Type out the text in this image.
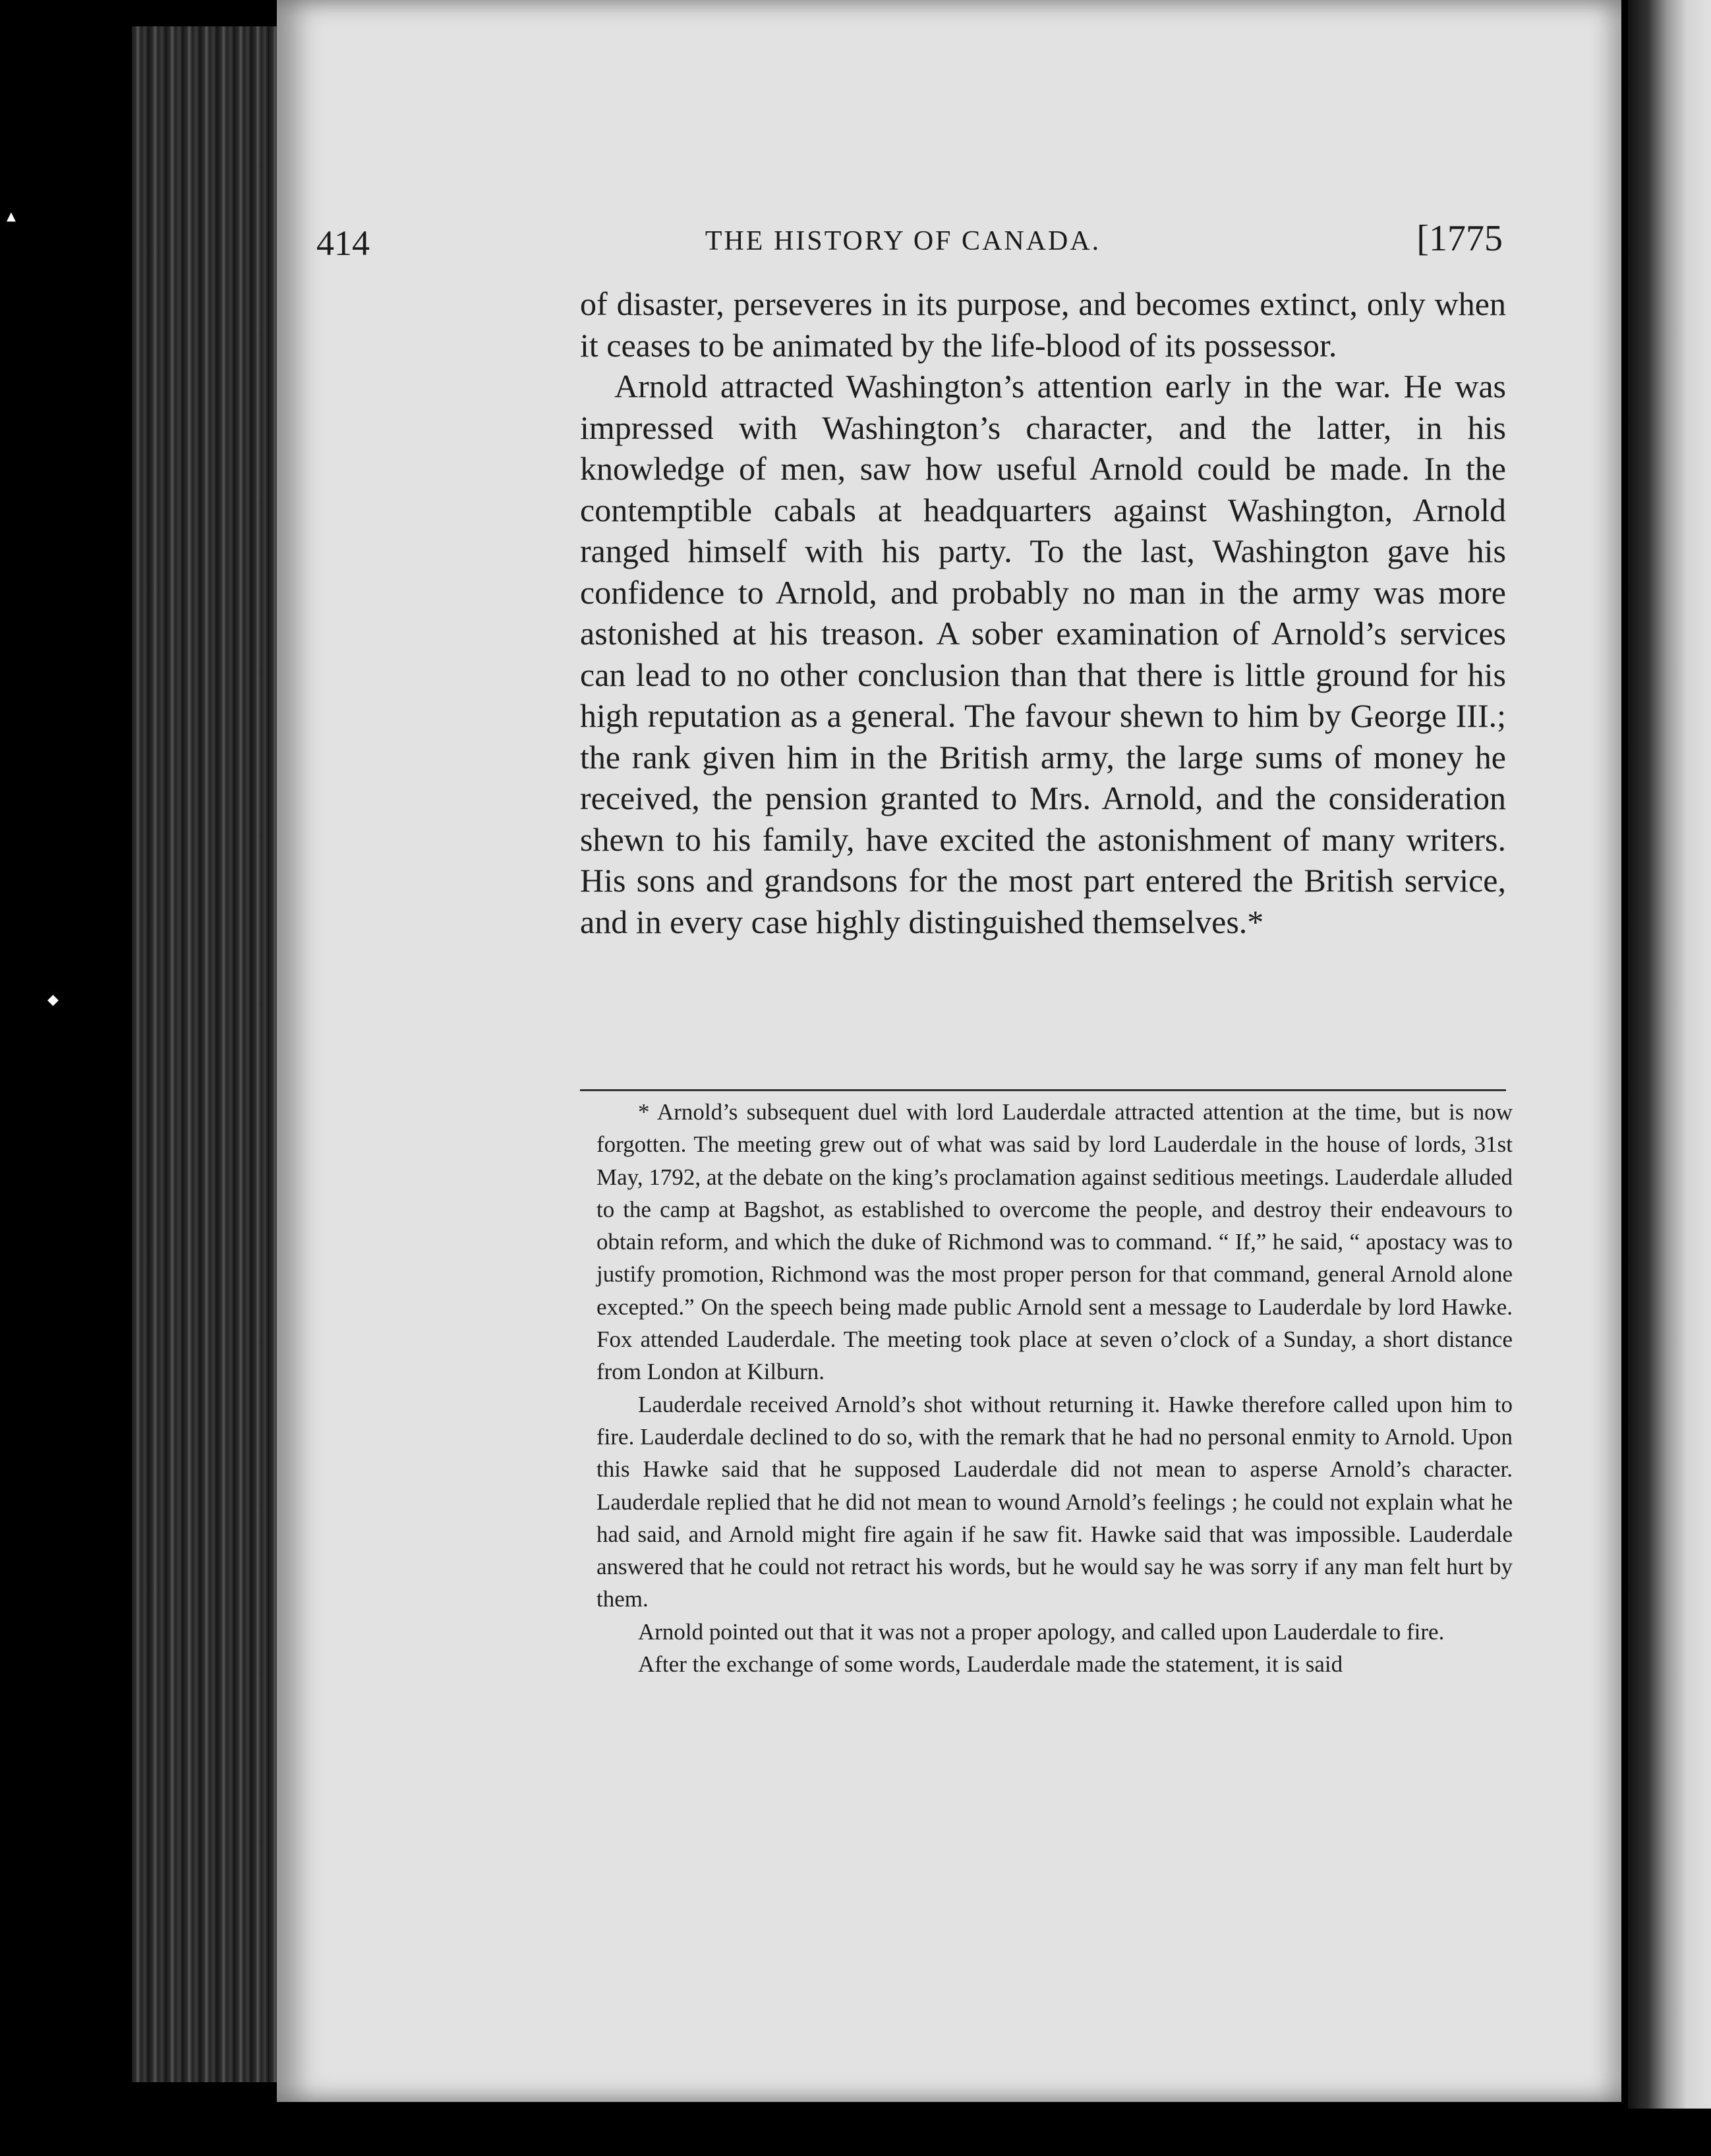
▲
◆
414	THE HISTORY OF CANADA.	[1775

of disaster, perseveres in its purpose, and becomes extinct, only when it ceases to be animated by the life-blood of its possessor.

Arnold attracted Washington’s attention early in the war. He was impressed with Washington’s character, and the latter, in his knowledge of men, saw how useful Arnold could be made. In the contemptible cabals at headquarters against Washington, Arnold ranged himself with his party. To the last, Washington gave his confidence to Arnold, and probably no man in the army was more astonished at his treason. A sober examination of Arnold’s services can lead to no other conclusion than that there is little ground for his high reputation as a general. The favour shewn to him by George III.; the rank given him in the British army, the large sums of money he received, the pension granted to Mrs. Arnold, and the consideration shewn to his family, have excited the astonishment of many writers. His sons and grandsons for the most part entered the British service, and in every case highly distinguished themselves.*

* Arnold’s subsequent duel with lord Lauderdale attracted attention at the time, but is now forgotten. The meeting grew out of what was said by lord Lauderdale in the house of lords, 31st May, 1792, at the debate on the king’s proclamation against seditious meetings. Lauderdale alluded to the camp at Bagshot, as established to overcome the people, and destroy their endeavours to obtain reform, and which the duke of Richmond was to command. “ If,” he said, “ apostacy was to justify promotion, Richmond was the most proper person for that command, general Arnold alone excepted.” On the speech being made public Arnold sent a message to Lauderdale by lord Hawke. Fox attended Lauderdale. The meeting took place at seven o’clock of a Sunday, a short distance from London at Kilburn.

Lauderdale received Arnold’s shot without returning it. Hawke therefore called upon him to fire. Lauderdale declined to do so, with the remark that he had no personal enmity to Arnold. Upon this Hawke said that he supposed Lauderdale did not mean to asperse Arnold’s character. Lauderdale replied that he did not mean to wound Arnold’s feelings ; he could not explain what he had said, and Arnold might fire again if he saw fit. Hawke said that was impossible. Lauderdale answered that he could not retract his words, but he would say he was sorry if any man felt hurt by them.

Arnold pointed out that it was not a proper apology, and called upon Lauderdale to fire.

After the exchange of some words, Lauderdale made the statement, it is said
